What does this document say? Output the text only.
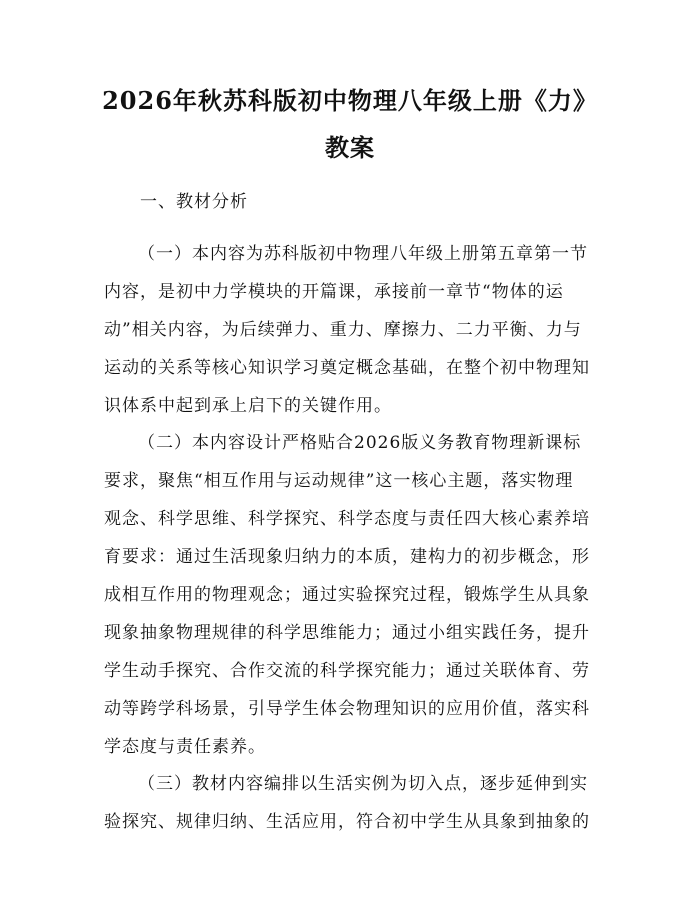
2026年秋苏科版初中物理八年级上册《力》
教案
一、教材分析
（一）本内容为苏科版初中物理八年级上册第五章第一节
内容，是初中力学模块的开篇课，承接前一章节“物体的运
动”相关内容，为后续弹力、重力、摩擦力、二力平衡、力与
运动的关系等核心知识学习奠定概念基础，在整个初中物理知
识体系中起到承上启下的关键作用。
（二）本内容设计严格贴合2026版义务教育物理新课标
要求，聚焦“相互作用与运动规律”这一核心主题，落实物理
观念、科学思维、科学探究、科学态度与责任四大核心素养培
育要求：通过生活现象归纳力的本质，建构力的初步概念，形
成相互作用的物理观念；通过实验探究过程，锻炼学生从具象
现象抽象物理规律的科学思维能力；通过小组实践任务，提升
学生动手探究、合作交流的科学探究能力；通过关联体育、劳
动等跨学科场景，引导学生体会物理知识的应用价值，落实科
学态度与责任素养。
（三）教材内容编排以生活实例为切入点，逐步延伸到实
验探究、规律归纳、生活应用，符合初中学生从具象到抽象的
